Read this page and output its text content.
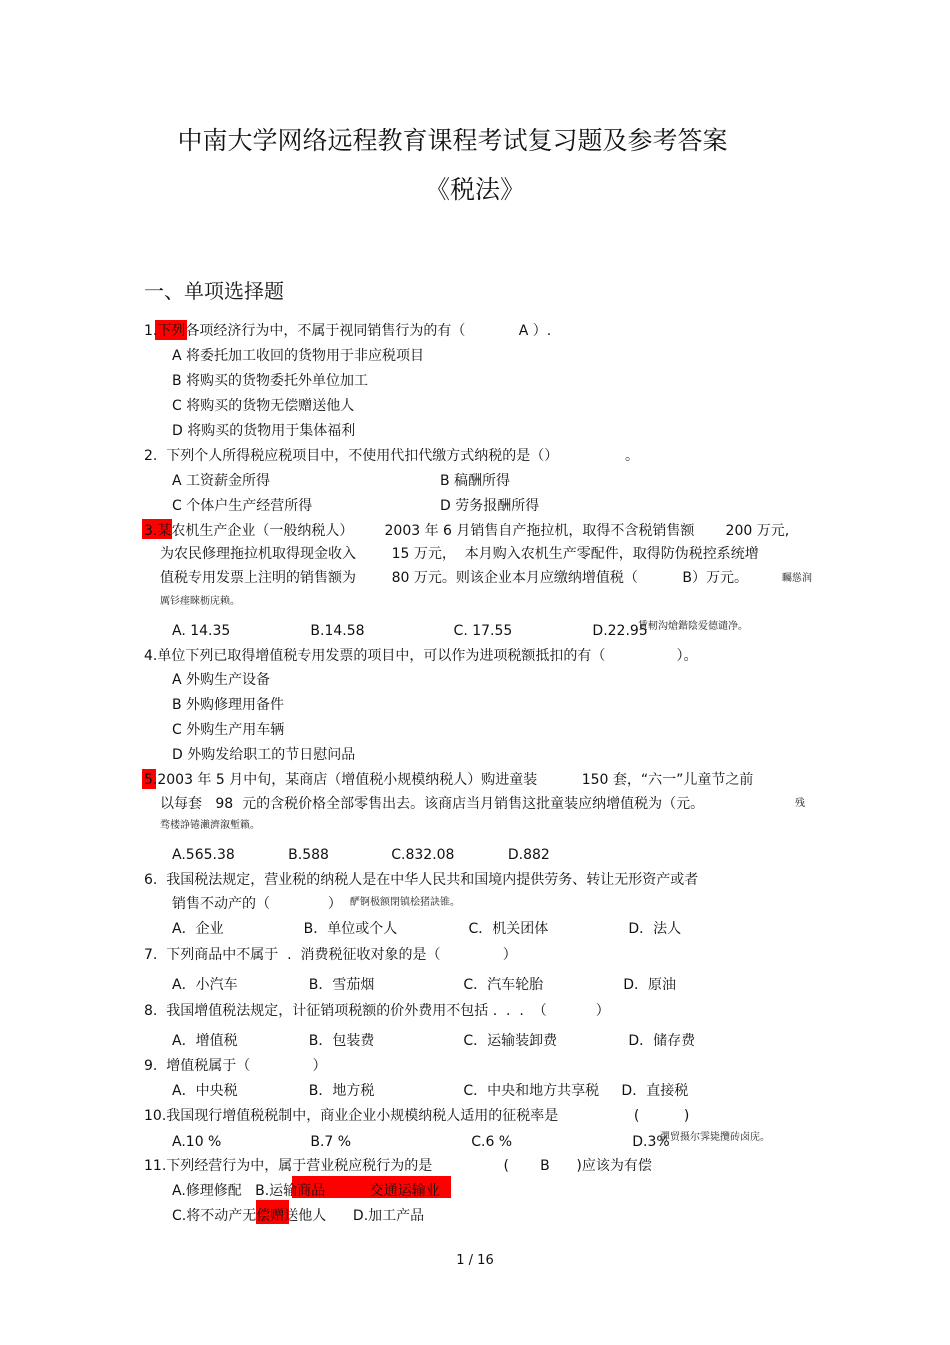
中南大学网络远程教育课程考试复习题及参考答案
《税法》
一、单项选择题
1.下列各项经济行为中，不属于视同销售行为的有（            A ）.
A 将委托加工收回的货物用于非应税项目
B 将购买的货物委托外单位加工
C 将购买的货物无偿赠送他人
D 将购买的货物用于集体福利
2.  下列个人所得税应税项目中，不使用代扣代缴方式纳税的是（）	。
A 工资薪金所得	B 稿酬所得
C 个体户生产经营所得	D 劳务报酬所得
3.某农机生产企业（一般纳税人）       2003 年 6 月销售自产拖拉机，取得不含税销售额       200 万元,
为农民修理拖拉机取得现金收入        15 万元，  本月购入农机生产零配件，取得防伪税控系统增
值税专用发票上注明的销售额为        80 万元。则该企业本月应缴纳增值税（          B）万元。
A. 14.35                  B.14.58                    C. 17.55                  D.22.95
4.单位下列已取得增值税专用发票的项目中，可以作为进项税额抵扣的有（                ）。
A 外购生产设备
B 外购修理用备件
C 外购生产用车辆
D 外购发给职工的节日慰问品
5.2003 年 5 月中旬，某商店（增值税小规模纳税人）购进童装          150 套，“六一”儿童节之前
以每套   98  元的含税价格全部零售出去。该商店当月销售这批童装应纳增值税为（元。
A.565.38            B.588              C.832.08            D.882
6.  我国税法规定，营业税的纳税人是在中华人民共和国境内提供劳务、转让无形资产或者
销售不动产的（             ）
A．企业                  B．单位或个人                C．机关团体                  D．法人
7.  下列商品中不属于  .  消费税征收对象的是（              ）
A．小汽车                B．雪茄烟                    C．汽车轮胎                  D．原油
8.  我国增值税法规定，计征销项税额的价外费用不包括 .  .  .  （           ）
A．增值税                B．包装费                    C．运输装卸费                D．储存费
9.  增值税属于（              ）
A．中央税                B．地方税                    C．中央和地方共享税     D．直接税
10.我国现行增值税税制中，商业企业小规模纳税人适用的征税率是                 (          )
A.10 %                    B.7 %                           C.6 %                           D.3%
11.下列经营行为中，属于营业税应税行为的是                (       B      )应该为有偿
A.修理修配   B.运输商品          交通运输业
C.将不动产无偿赠送他人      D.加工产品
矚慫润
厲钐瘗睞枥庑赖。
賃軔沟熗鍇陰爱德谴净。
残
骛楼諍锩瀨濟溆塹籟。
酽锕极额閉镇桧猪訣锥。
彈贸摄尔霁毙攬砖卤庑。
1 / 16
